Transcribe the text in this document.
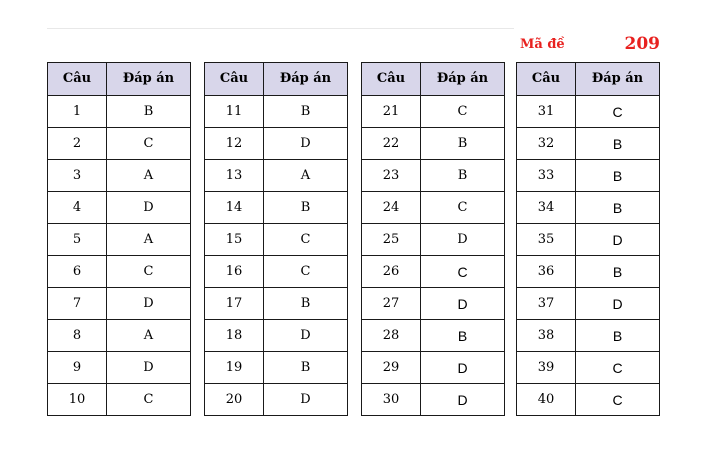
Mã đề	209
Câu	Đáp án
1	B
2	C
3	A
4	D
5	A
6	C
7	D
8	A
9	D
10	C
Câu	Đáp án
11	B
12	D
13	A
14	B
15	C
16	C
17	B
18	D
19	B
20	D
Câu	Đáp án
21	C
22	B
23	B
24	C
25	D
26	C
27	D
28	B
29	D
30	D
Câu	Đáp án
31	C
32	B
33	B
34	B
35	D
36	B
37	D
38	B
39	C
40	C
